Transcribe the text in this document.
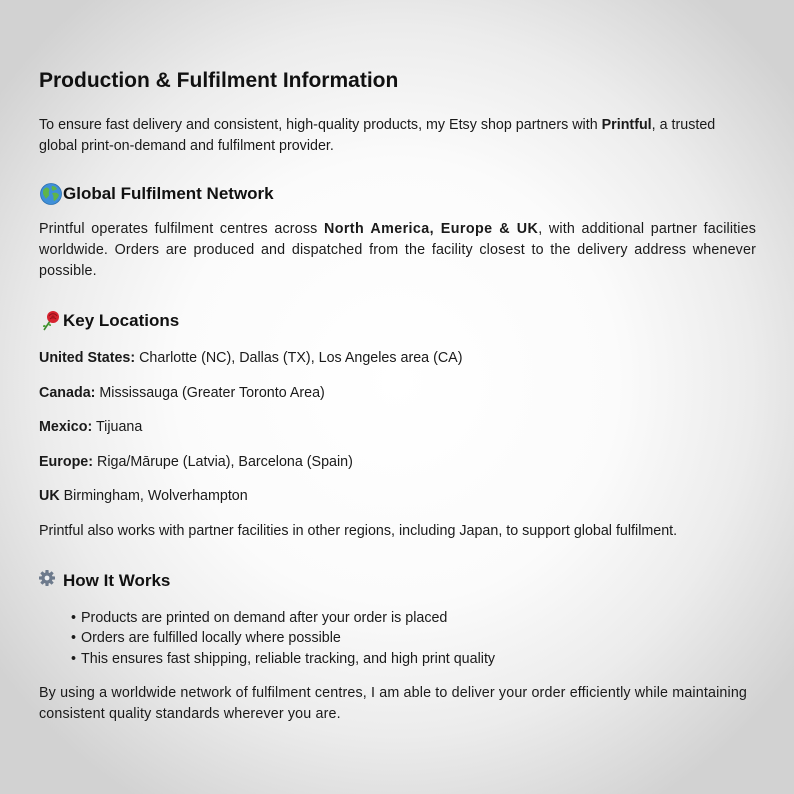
Production & Fulfilment Information

To ensure fast delivery and consistent, high-quality products, my Etsy shop partners with Printful, a trusted global print-on-demand and fulfilment provider.

Global Fulfilment Network

Printful operates fulfilment centres across North America, Europe & UK, with additional partner facilities worldwide. Orders are produced and dispatched from the facility closest to the delivery address whenever possible.

Key Locations

United States: Charlotte (NC), Dallas (TX), Los Angeles area (CA)

Canada: Mississauga (Greater Toronto Area)

Mexico: Tijuana

Europe: Riga/Mārupe (Latvia), Barcelona (Spain)

UK Birmingham, Wolverhampton

Printful also works with partner facilities in other regions, including Japan, to support global fulfilment.

How It Works
• Products are printed on demand after your order is placed
• Orders are fulfilled locally where possible
• This ensures fast shipping, reliable tracking, and high print quality

By using a worldwide network of fulfilment centres, I am able to deliver your order efficiently while maintaining consistent quality standards wherever you are.
